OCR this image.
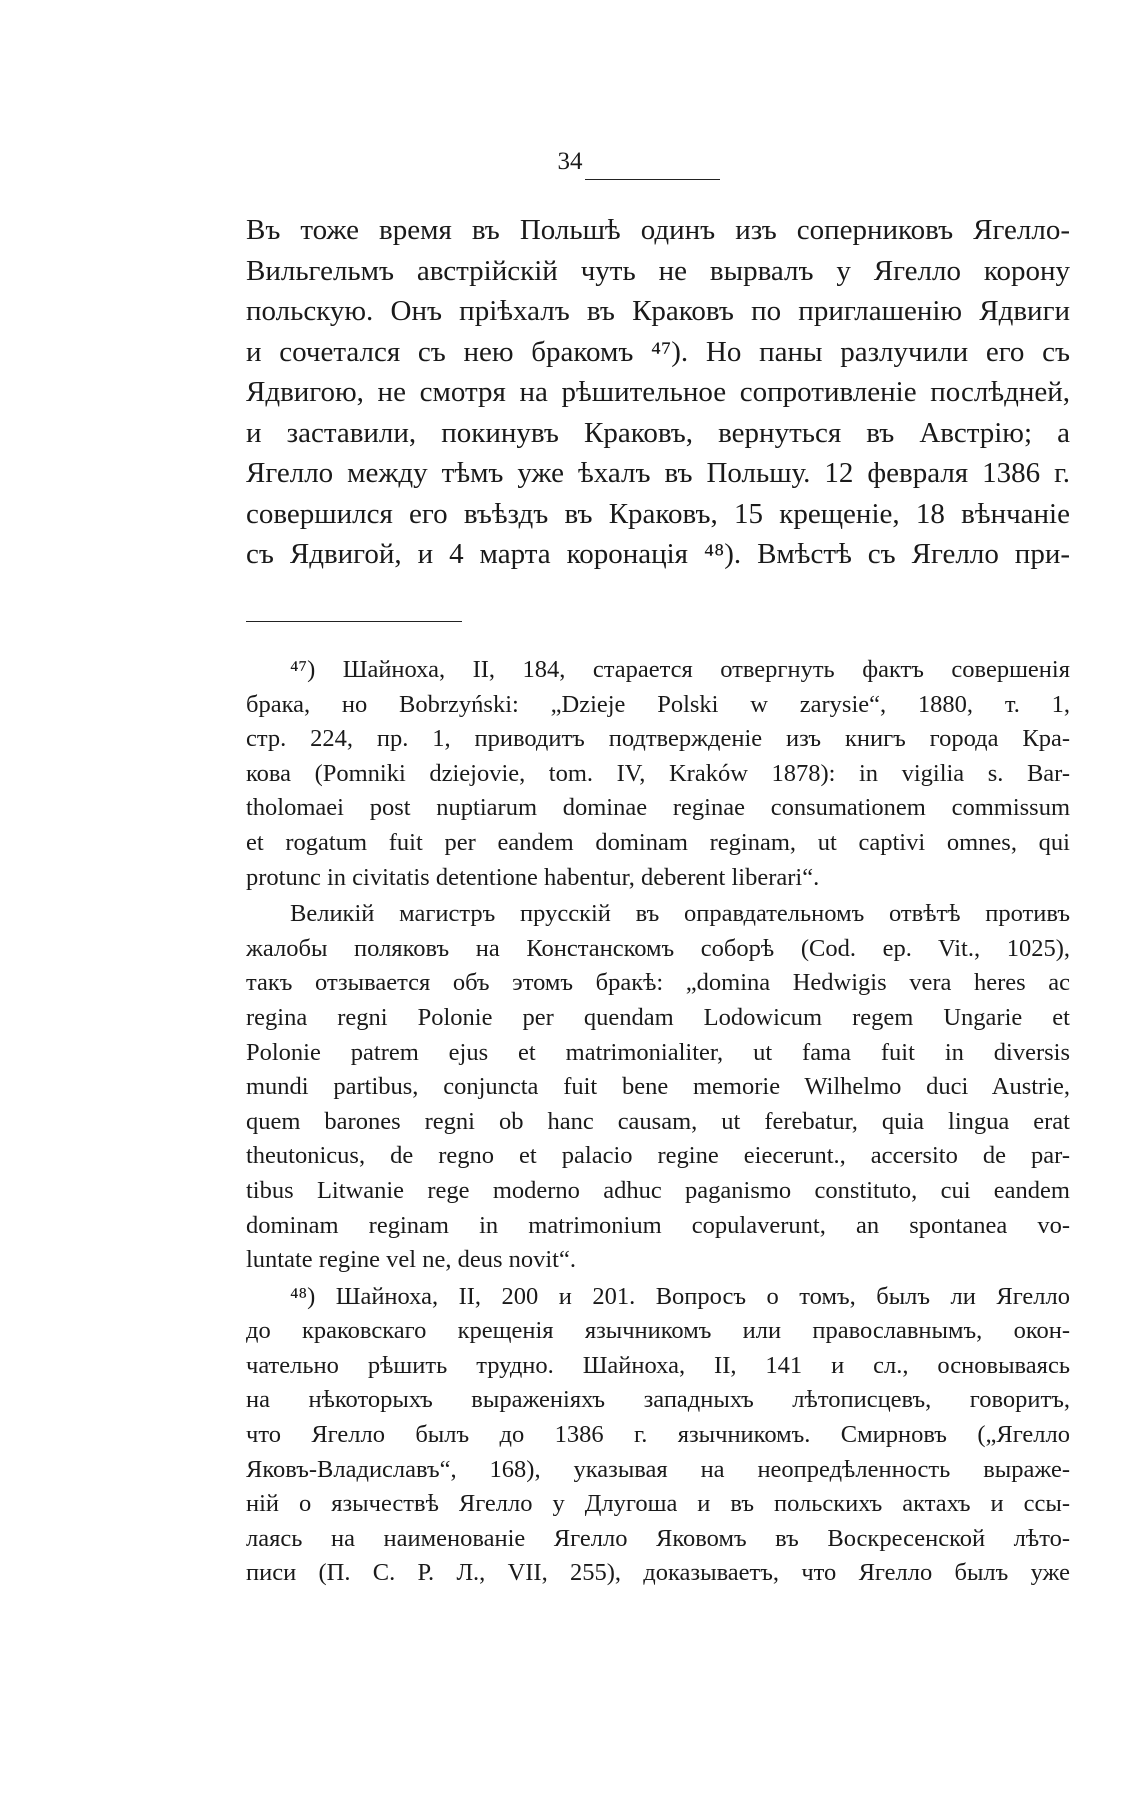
34
Въ тоже время въ Польшѣ одинъ изъ соперниковъ Ягелло-
Вильгельмъ австрійскій чуть не вырвалъ у Ягелло корону
польскую. Онъ пріѣхалъ въ Краковъ по приглашенію Ядвиги
и сочетался съ нею бракомъ ⁴⁷). Но паны разлучили его съ
Ядвигою, не смотря на рѣшительное сопротивленіе послѣдней,
и заставили, покинувъ Краковъ, вернуться въ Австрію; а
Ягелло между тѣмъ уже ѣхалъ въ Польшу. 12 февраля 1386 г.
совершился его въѣздъ въ Краковъ, 15 крещеніе, 18 вѣнчаніе
съ Ядвигой, и 4 марта коронація ⁴⁸). Вмѣстѣ съ Ягелло при-
⁴⁷) Шайноха, II, 184, старается отвергнуть фактъ совершенія
брака, но Bobrzyński: „Dzieje Polski w zarysie“, 1880, т. 1,
стр. 224, пр. 1, приводитъ подтвержденіе изъ книгъ города Кра-
кова (Pomniki dziejovie, tom. IV, Kraków 1878): in vigilia s. Bar-
tholomaei post nuptiarum dominae reginae consumationem commissum
et rogatum fuit per eandem dominam reginam, ut captivi omnes, qui
protunc in civitatis detentione habentur, deberent liberari“.
Великій магистръ прусскій въ оправдательномъ отвѣтѣ противъ
жалобы поляковъ на Констанскомъ соборѣ (Cod. ep. Vit., 1025),
такъ отзывается объ этомъ бракѣ: „domina Hedwigis vera heres ac
regina regni Polonie per quendam Lodowicum regem Ungarie et
Polonie patrem ejus et matrimonialiter, ut fama fuit in diversis
mundi partibus, conjuncta fuit bene memorie Wilhelmo duci Austrie,
quem barones regni ob hanc causam, ut ferebatur, quia lingua erat
theutonicus, de regno et palacio regine eiecerunt., accersito de par-
tibus Litwanie rege moderno adhuc paganismo constituto, cui eandem
dominam reginam in matrimonium copulaverunt, an spontanea vo-
luntate regine vel ne, deus novit“.
⁴⁸) Шайноха, II, 200 и 201. Вопросъ о томъ, былъ ли Ягелло
до краковскаго крещенія язычникомъ или православнымъ, окон-
чательно рѣшить трудно. Шайноха, II, 141 и сл., основываясь
на нѣкоторыхъ выраженіяхъ западныхъ лѣтописцевъ, говоритъ,
что Ягелло былъ до 1386 г. язычникомъ. Смирновъ („Ягелло
Яковъ-Владиславъ“, 168), указывая на неопредѣленность выраже-
ній о язычествѣ Ягелло у Длугоша и въ польскихъ актахъ и ссы-
лаясь на наименованіе Ягелло Яковомъ въ Воскресенской лѣто-
писи (П. С. Р. Л., VII, 255), доказываетъ, что Ягелло былъ уже
